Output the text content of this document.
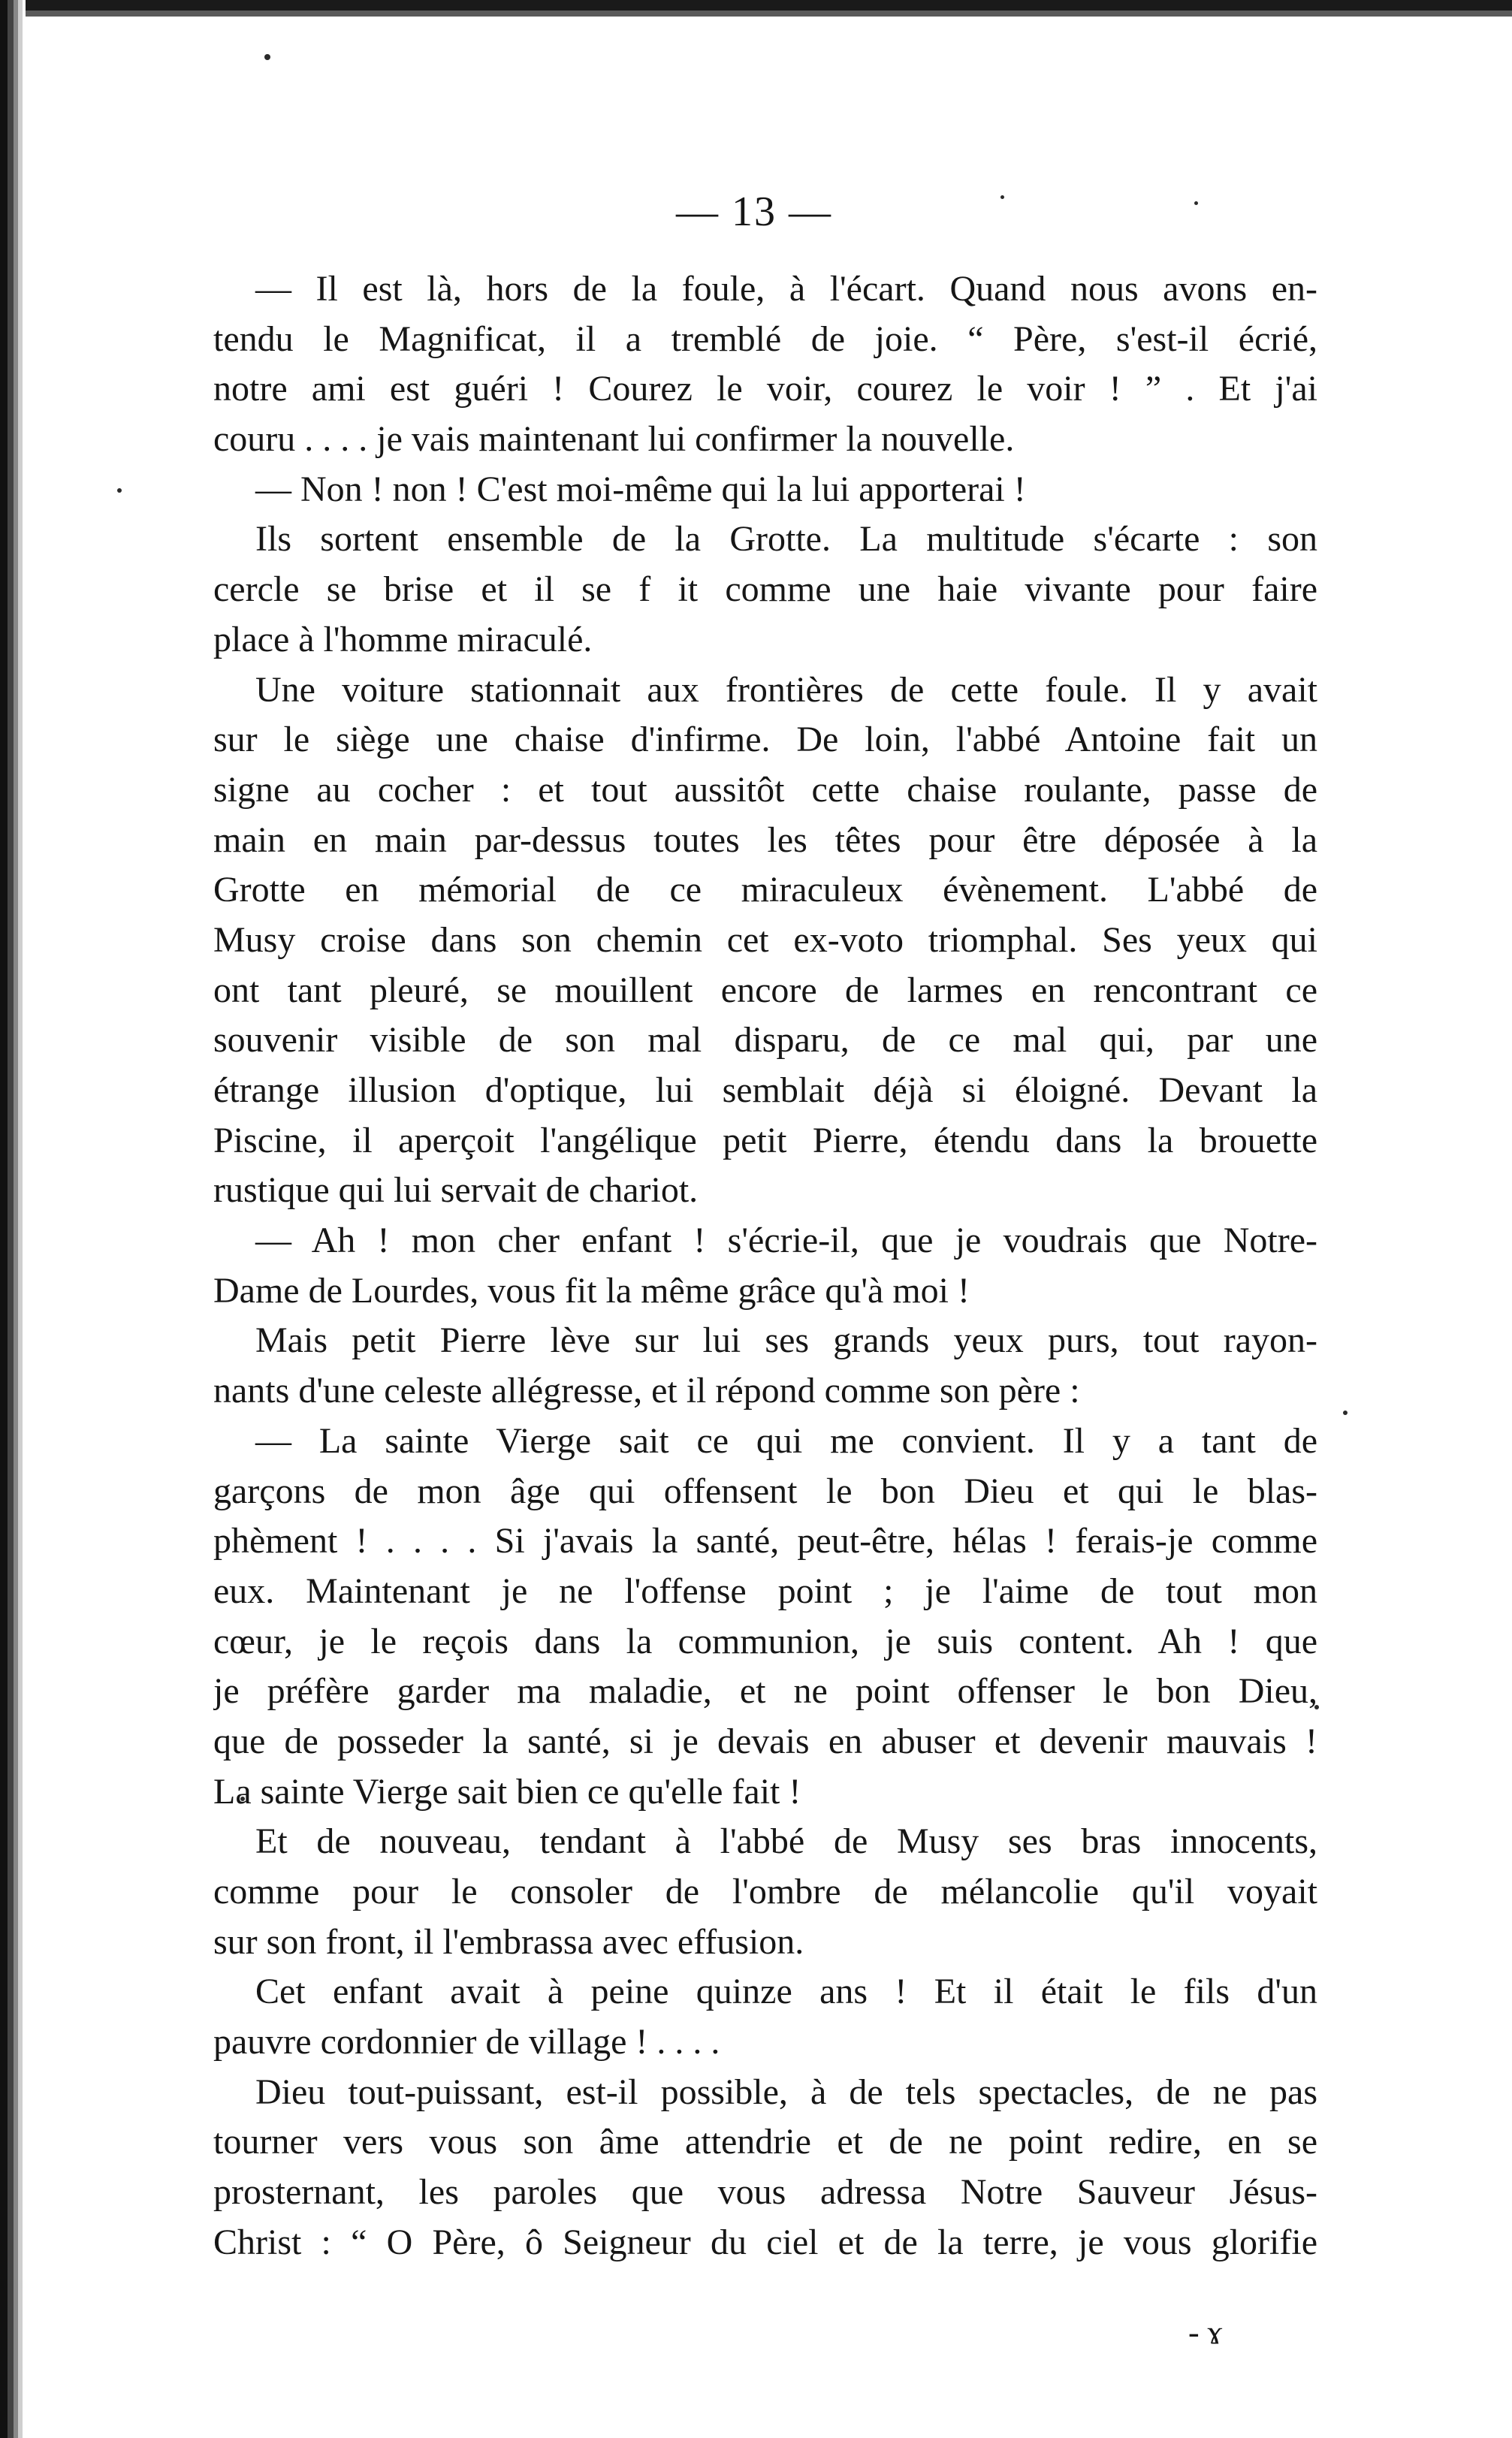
— 13 —
— Il est là, hors de la foule, à l'écart. Quand nous avons en-
tendu le Magnificat, il a tremblé de joie. “ Père, s'est-il écrié,
notre ami est guéri ! Courez le voir, courez le voir ! ” . Et j'ai
couru . . . . je vais maintenant lui confirmer la nouvelle.
— Non ! non ! C'est moi-même qui la lui apporterai !
Ils sortent ensemble de la Grotte. La multitude s'écarte : son
cercle se brise et il se f it comme une haie vivante pour faire
place à l'homme miraculé.
Une voiture stationnait aux frontières de cette foule. Il y avait
sur le siège une chaise d'infirme. De loin, l'abbé Antoine fait un
signe au cocher : et tout aussitôt cette chaise roulante, passe de
main en main par-dessus toutes les têtes pour être déposée à la
Grotte en mémorial de ce miraculeux évènement. L'abbé de
Musy croise dans son chemin cet ex-voto triomphal. Ses yeux qui
ont tant pleuré, se mouillent encore de larmes en rencontrant ce
souvenir visible de son mal disparu, de ce mal qui, par une
étrange illusion d'optique, lui semblait déjà si éloigné. Devant la
Piscine, il aperçoit l'angélique petit Pierre, étendu dans la brouette
rustique qui lui servait de chariot.
— Ah ! mon cher enfant ! s'écrie-il, que je voudrais que Notre-
Dame de Lourdes, vous fit la même grâce qu'à moi !
Mais petit Pierre lève sur lui ses grands yeux purs, tout rayon-
nants d'une celeste allégresse, et il répond comme son père :
— La sainte Vierge sait ce qui me convient. Il y a tant de
garçons de mon âge qui offensent le bon Dieu et qui le blas-
phèment ! . . . . Si j'avais la santé, peut-être, hélas ! ferais-je comme
eux. Maintenant je ne l'offense point ; je l'aime de tout mon
cœur, je le reçois dans la communion, je suis content. Ah ! que
je préfère garder ma maladie, et ne point offenser le bon Dieu,
que de posseder la santé, si je devais en abuser et devenir mauvais !
La sainte Vierge sait bien ce qu'elle fait !
Et de nouveau, tendant à l'abbé de Musy ses bras innocents,
comme pour le consoler de l'ombre de mélancolie qu'il voyait
sur son front, il l'embrassa avec effusion.
Cet enfant avait à peine quinze ans ! Et il était le fils d'un
pauvre cordonnier de village ! . . . .
Dieu tout-puissant, est-il possible, à de tels spectacles, de ne pas
tourner vers vous son âme attendrie et de ne point redire, en se
prosternant, les paroles que vous adressa Notre Sauveur Jésus-
Christ : “ O Père, ô Seigneur du ciel et de la terre, je vous glorifie
- ɤ
